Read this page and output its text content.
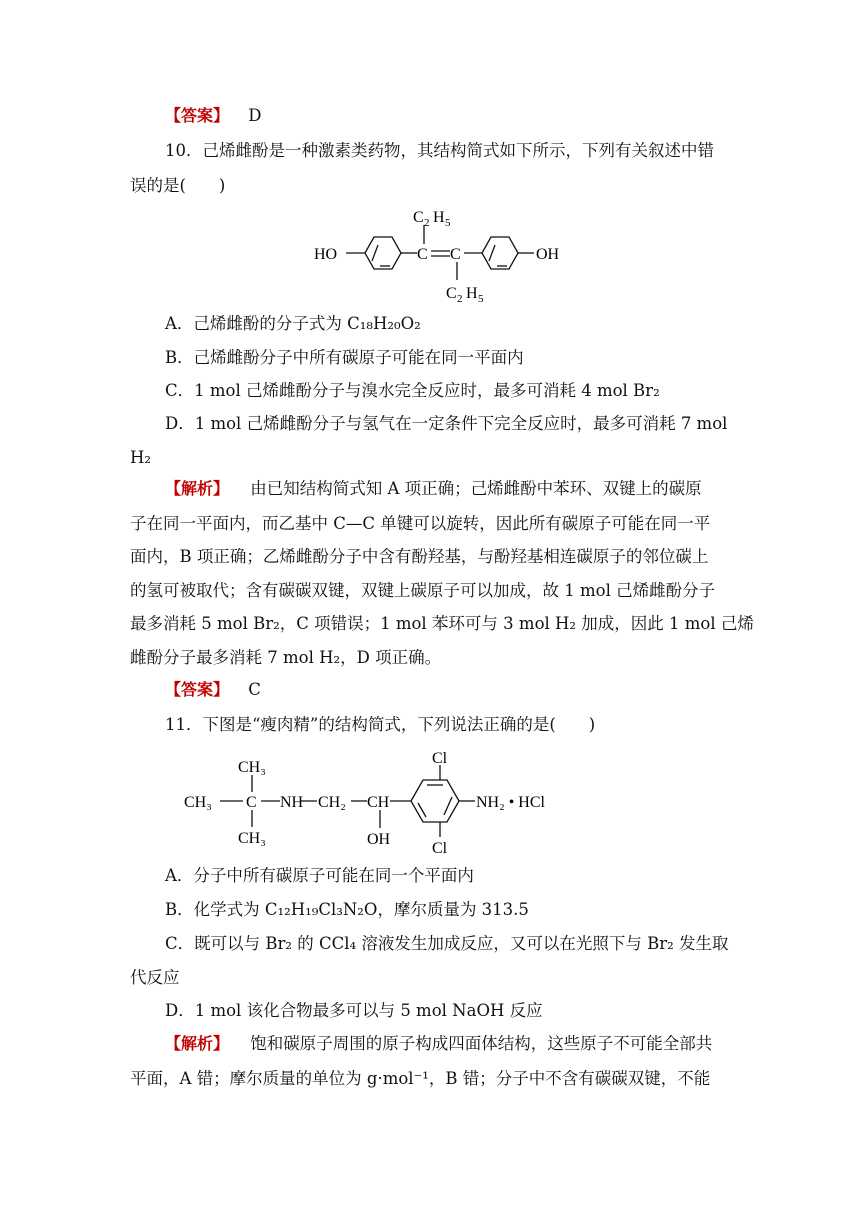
【答案】 D
10．己烯雌酚是一种激素类药物，其结构简式如下所示，下列有关叙述中错
误的是(　　)
HO	C C	OH
C 2 H 5
C 2 H 5
A．己烯雌酚的分子式为 C₁₈H₂₀O₂
B．己烯雌酚分子中所有碳原子可能在同一平面内
C．1 mol 己烯雌酚分子与溴水完全反应时，最多可消耗 4 mol Br₂
D．1 mol 己烯雌酚分子与氢气在一定条件下完全反应时，最多可消耗 7 mol
H₂
【解析】 由已知结构简式知 A 项正确；己烯雌酚中苯环、双键上的碳原
子在同一平面内，而乙基中 C—C 单键可以旋转，因此所有碳原子可能在同一平
面内，B 项正确；乙烯雌酚分子中含有酚羟基，与酚羟基相连碳原子的邻位碳上
的氢可被取代；含有碳碳双键，双键上碳原子可以加成，故 1 mol 己烯雌酚分子
最多消耗 5 mol Br₂，C 项错误；1 mol 苯环可与 3 mol H₂ 加成，因此 1 mol 己烯
雌酚分子最多消耗 7 mol H₂，D 项正确。
【答案】 C
11．下图是“瘦肉精”的结构简式，下列说法正确的是(　　)
CH₃
CH₃ C
CH₃
NH CH₂ CH
OH
Cl
Cl
NH₂ • HCl
A．分子中所有碳原子可能在同一个平面内
B．化学式为 C₁₂H₁₉Cl₃N₂O，摩尔质量为 313.5
C．既可以与 Br₂ 的 CCl₄ 溶液发生加成反应，又可以在光照下与 Br₂ 发生取
代反应
D．1 mol 该化合物最多可以与 5 mol NaOH 反应
【解析】 饱和碳原子周围的原子构成四面体结构，这些原子不可能全部共
平面，A 错；摩尔质量的单位为 g·mol⁻¹，B 错；分子中不含有碳碳双键，不能
